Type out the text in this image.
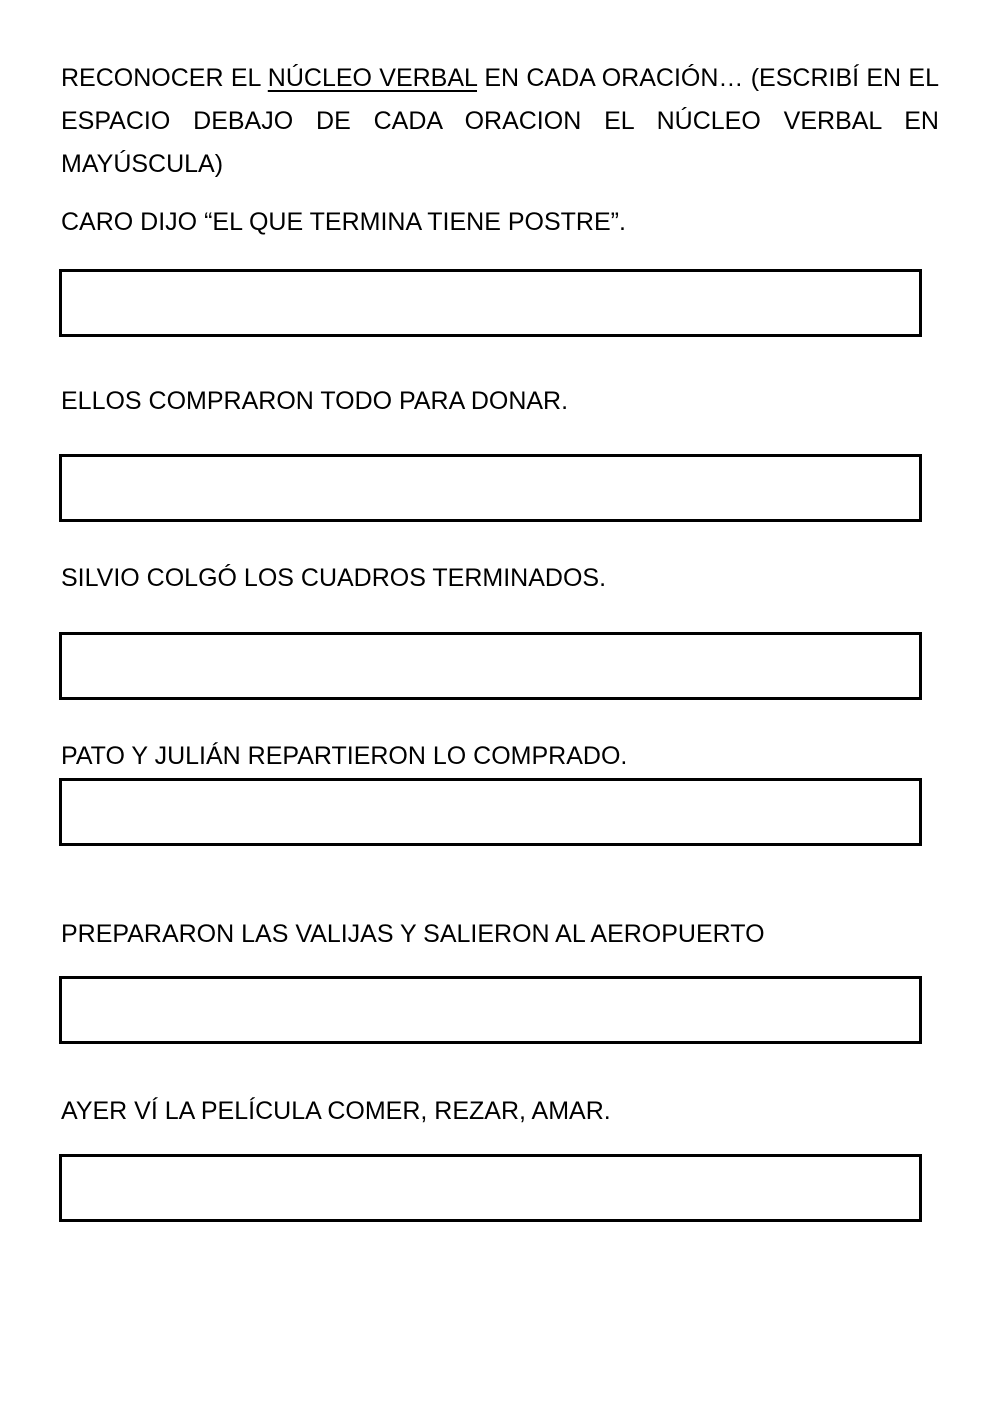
RECONOCER EL NÚCLEO VERBAL EN CADA ORACIÓN… (ESCRIBÍ EN EL ESPACIO DEBAJO DE CADA ORACION EL NÚCLEO VERBAL EN MAYÚSCULA)

CARO DIJO “EL QUE TERMINA TIENE POSTRE”.

ELLOS COMPRARON TODO PARA DONAR.

SILVIO COLGÓ LOS CUADROS TERMINADOS.

PATO Y JULIÁN REPARTIERON LO COMPRADO.

PREPARARON LAS VALIJAS Y SALIERON AL AEROPUERTO

AYER VÍ LA PELÍCULA COMER, REZAR, AMAR.
